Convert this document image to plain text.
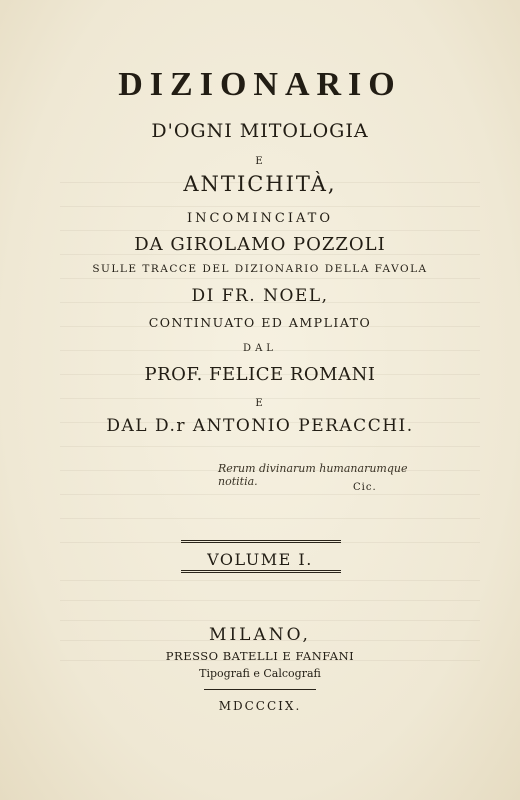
DIZIONARIO
D'OGNI MITOLOGIA
E
ANTICHITÀ,
INCOMINCIATO
DA GIROLAMO POZZOLI
SULLE TRACCE DEL DIZIONARIO DELLA FAVOLA
DI FR. NOEL,
CONTINUATO ED AMPLIATO
DAL
PROF. FELICE ROMANI
E
DAL D.r ANTONIO PERACCHI.
Rerum divinarum humanarumque notitia.	Cic.
VOLUME I.
MILANO,
PRESSO BATELLI E FANFANI
Tipografi e Calcografi
MDCCCIX.
